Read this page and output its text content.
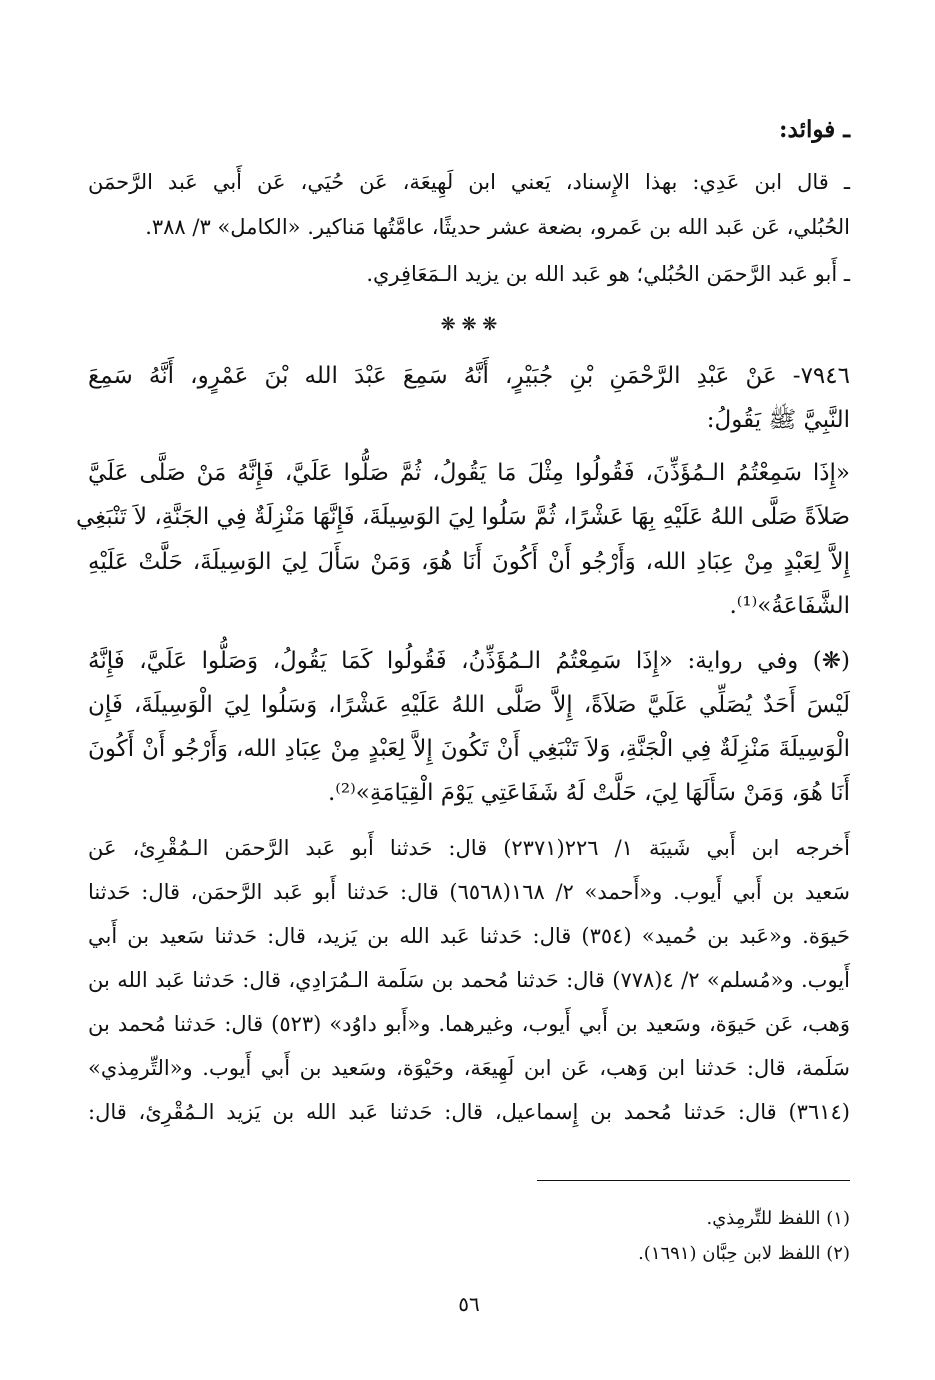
ـ فوائد:
ـ قال ابن عَدِي: بهذا الإِسناد، يَعني ابن لَهِيعَة، عَن حُيَي، عَن أَبي عَبد الرَّحمَن
الحُبُلي، عَن عَبد الله بن عَمرو، بضعة عشر حديثًا، عامَّتُها مَناكير. «الكامل» ٣/ ٣٨٨.
ـ أَبو عَبد الرَّحمَن الحُبُلي؛ هو عَبد الله بن يزيد الـمَعَافِري.
❋ ❋ ❋
٧٩٤٦- عَنْ عَبْدِ الرَّحْمَنِ بْنِ جُبَيْرٍ، أَنَّهُ سَمِعَ عَبْدَ الله بْنَ عَمْرٍو، أَنَّهُ سَمِعَ
النَّبِيَّ ﷺ يَقُولُ:
«إِذَا سَمِعْتُمُ الـمُؤَذِّنَ، فَقُولُوا مِثْلَ مَا يَقُولُ، ثُمَّ صَلُّوا عَلَيَّ، فَإِنَّهُ مَنْ صَلَّى عَلَيَّ
صَلاَةً صَلَّى اللهُ عَلَيْهِ بِهَا عَشْرًا، ثُمَّ سَلُوا لِيَ الوَسِيلَةَ، فَإِنَّهَا مَنْزِلَةٌ فِي الجَنَّةِ، لاَ تَنْبَغِي
إِلاَّ لِعَبْدٍ مِنْ عِبَادِ الله، وَأَرْجُو أَنْ أَكُونَ أَنَا هُوَ، وَمَنْ سَأَلَ لِيَ الوَسِيلَةَ، حَلَّتْ عَلَيْهِ
الشَّفَاعَةُ»⁽¹⁾.
(❋) وفي رواية: «إِذَا سَمِعْتُمُ الـمُؤَذِّنُ، فَقُولُوا كَمَا يَقُولُ، وَصَلُّوا عَلَيَّ، فَإِنَّهُ
لَيْسَ أَحَدٌ يُصَلِّي عَلَيَّ صَلاَةً، إِلاَّ صَلَّى اللهُ عَلَيْهِ عَشْرًا، وَسَلُوا لِيَ الْوَسِيلَةَ، فَإِن
الْوَسِيلَةَ مَنْزِلَةٌ فِي الْجَنَّةِ، وَلاَ تَنْبَغِي أَنْ تَكُونَ إِلاَّ لِعَبْدٍ مِنْ عِبَادِ الله، وَأَرْجُو أَنْ أَكُونَ
أَنَا هُوَ، وَمَنْ سَأَلَهَا لِيَ، حَلَّتْ لَهُ شَفَاعَتِي يَوْمَ الْقِيَامَةِ»⁽²⁾.
أَخرجه ابن أَبي شَيبَة ١/ ٢٢٦(٢٣٧١) قال: حَدثنا أَبو عَبد الرَّحمَن الـمُقْرِئ، عَن
سَعيد بن أَبي أَيوب. و«أَحمد» ٢/ ١٦٨(٦٥٦٨) قال: حَدثنا أَبو عَبد الرَّحمَن، قال: حَدثنا
حَيوَة. و«عَبد بن حُميد» (٣٥٤) قال: حَدثنا عَبد الله بن يَزيد، قال: حَدثنا سَعيد بن أَبي
أَيوب. و«مُسلم» ٢/ ٤(٧٧٨) قال: حَدثنا مُحمد بن سَلَمة الـمُرَادِي، قال: حَدثنا عَبد الله بن
وَهب، عَن حَيوَة، وسَعيد بن أَبي أَيوب، وغيرهما. و«أَبو داوُد» (٥٢٣) قال: حَدثنا مُحمد بن
سَلَمة، قال: حَدثنا ابن وَهب، عَن ابن لَهِيعَة، وحَيْوَة، وسَعيد بن أَبي أَيوب. و«التِّرمِذي»
(٣٦١٤) قال: حَدثنا مُحمد بن إِسماعيل، قال: حَدثنا عَبد الله بن يَزيد الـمُقْرِئ، قال:
(١) اللفظ للتِّرمِذي.
(٢) اللفظ لابن حِبَّان (١٦٩١).
٥٦
